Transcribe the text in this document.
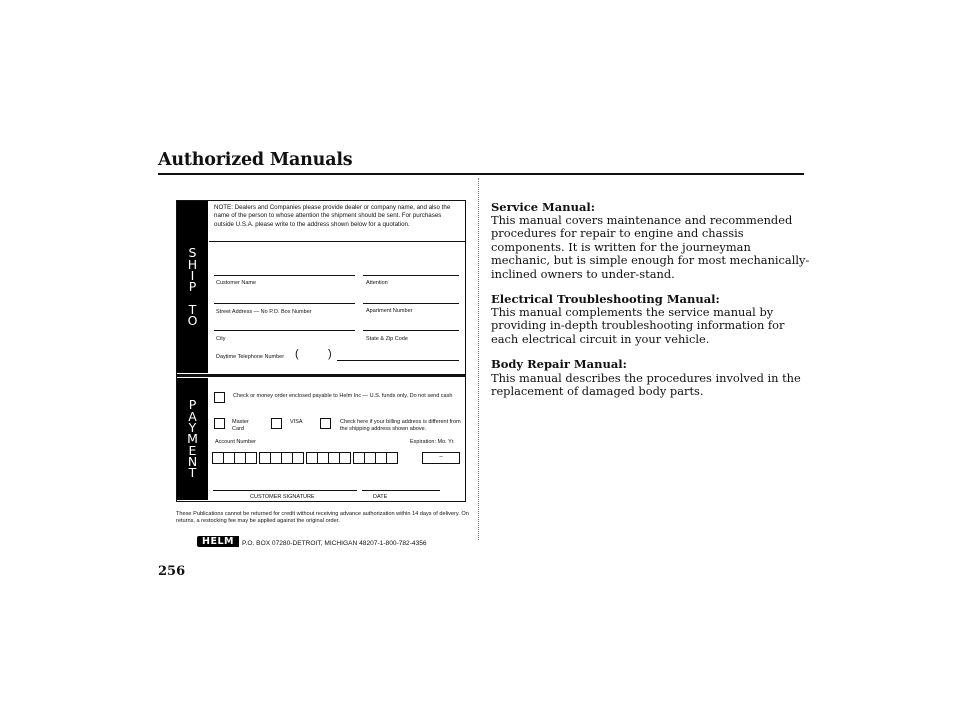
Authorized Manuals
S
H
I
P

T
O
P
A
Y
M
E
N
T
NOTE: Dealers and Companies please provide dealer or company name, and also the name of the person to whose attention the shipment should be sent. For purchases outside U.S.A. please write to the address shown below for a quotation.
Customer Name	Attention
Street Address — No P.O. Box Number	Apartment Number
City	State & Zip Code
Daytime Telephone Number (	)
Check or money order enclosed payable to Helm Inc — U.S. funds only. Do not send cash
Master
Card
VISA	Check here if your billing address is different from the shipping address shown above.
Account Number	Expiration: Mo. Yr.
–
CUSTOMER SIGNATURE	DATE
These Publications cannot be returned for credit without receiving advance authorization within 14 days of delivery. On returns, a restocking fee may be applied against the original order.
HELM	P.O. BOX 07280-DETROIT, MICHIGAN 48207-1-800-782-4356
256
Service Manual:
This manual covers maintenance and recommended procedures for repair to engine and chassis components. It is written for the journeyman mechanic, but is simple enough for most mechanically-inclined owners to under-stand.
Electrical Troubleshooting Manual:
This manual complements the service manual by providing in-depth troubleshooting information for each electrical circuit in your vehicle.
Body Repair Manual:
This manual describes the procedures involved in the replacement of damaged body parts.
